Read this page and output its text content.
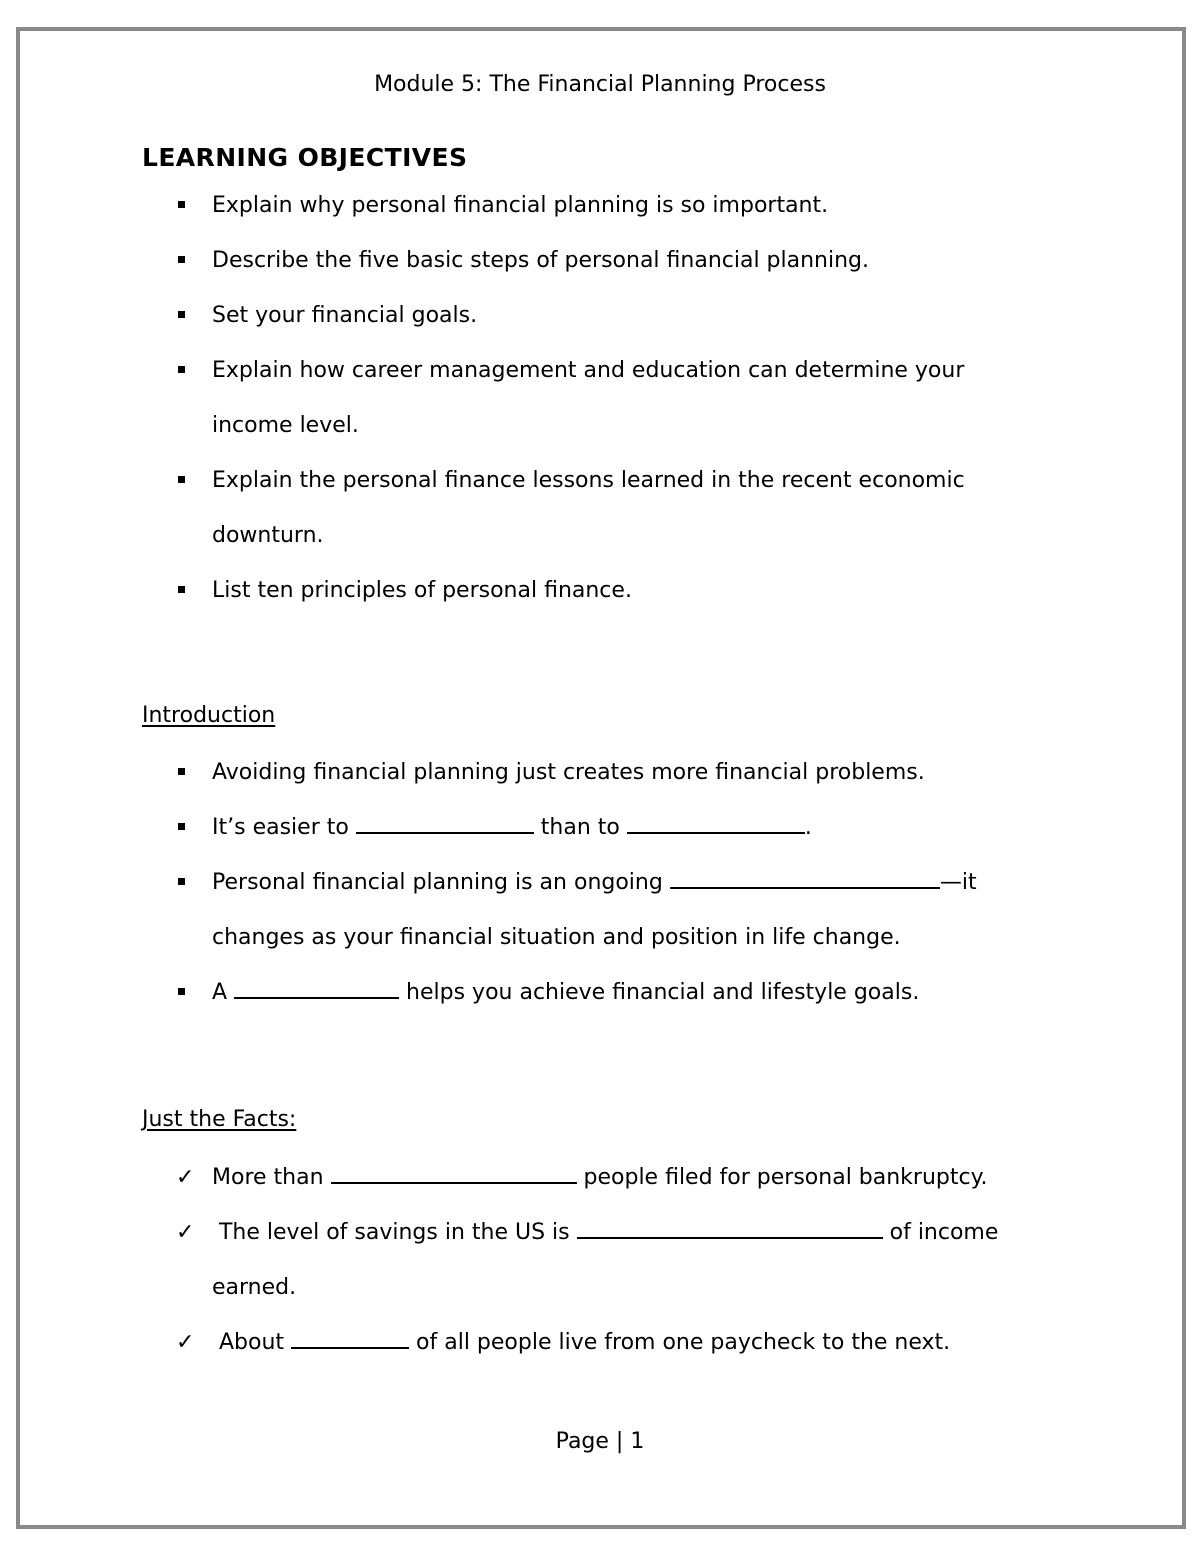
Module 5: The Financial Planning Process
LEARNING OBJECTIVES
Explain why personal financial planning is so important.
Describe the five basic steps of personal financial planning.
Set your financial goals.
Explain how career management and education can determine your
income level.
Explain the personal finance lessons learned in the recent economic
downturn.
List ten principles of personal finance.
Introduction
Avoiding financial planning just creates more financial problems.
It’s easier to	than to	.
Personal financial planning is an ongoing	—it
changes as your financial situation and position in life change.
A	helps you achieve financial and lifestyle goals.
Just the Facts:
✓ More than	people filed for personal bankruptcy.
✓ The level of savings in the US is	of income
earned.
✓ About	of all people live from one paycheck to the next.
Page | 1
